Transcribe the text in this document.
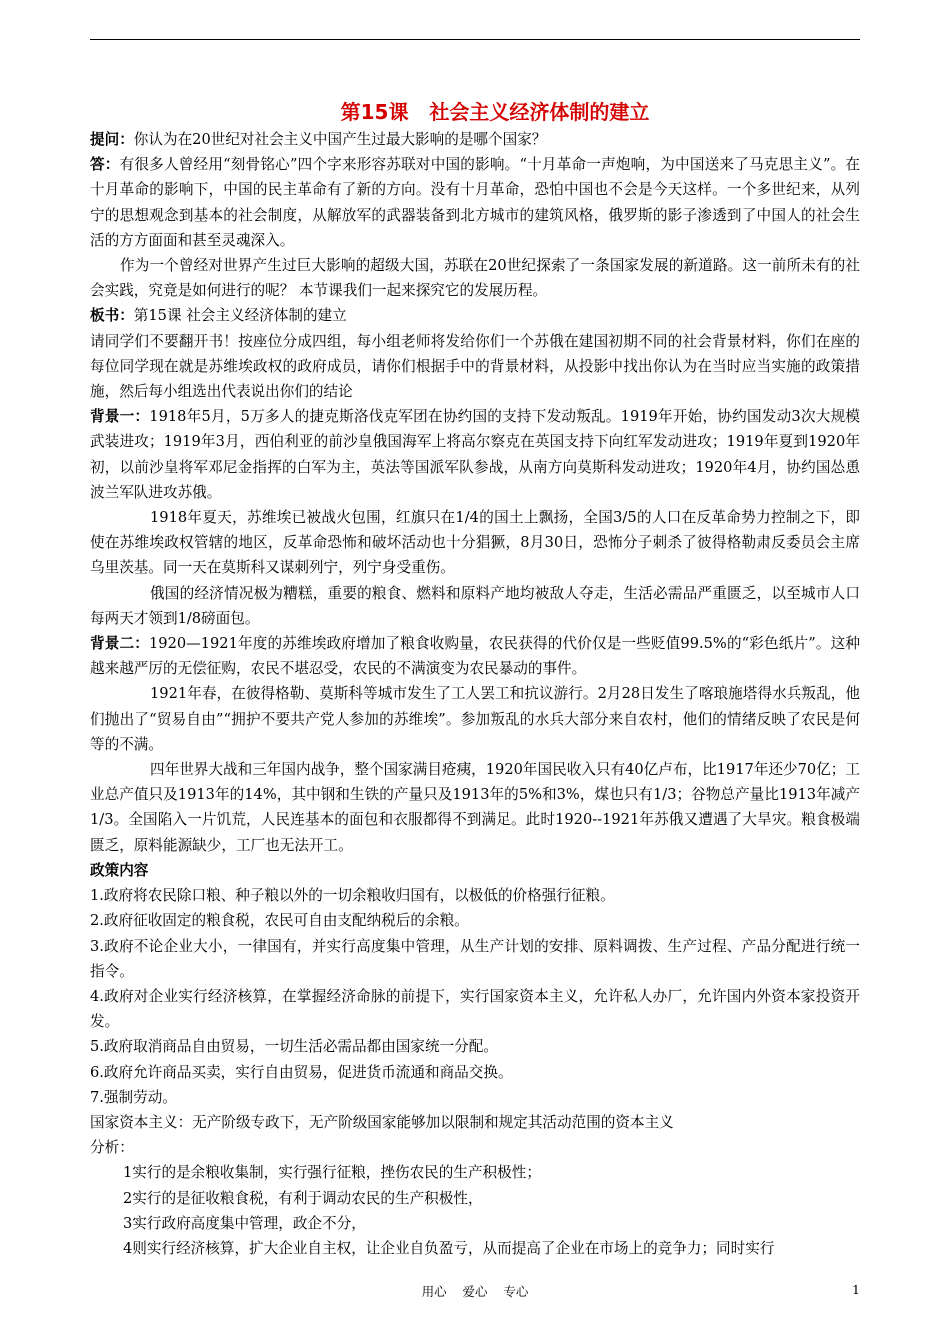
第15课 社会主义经济体制的建立

提问：你认为在20世纪对社会主义中国产生过最大影响的是哪个国家？

答：有很多人曾经用“刻骨铭心”四个字来形容苏联对中国的影响。“十月革命一声炮响，为中国送来了马克思主义”。在十月革命的影响下，中国的民主革命有了新的方向。没有十月革命，恐怕中国也不会是今天这样。一个多世纪来，从列宁的思想观念到基本的社会制度，从解放军的武器装备到北方城市的建筑风格，俄罗斯的影子渗透到了中国人的社会生活的方方面面和甚至灵魂深入。

作为一个曾经对世界产生过巨大影响的超级大国，苏联在20世纪探索了一条国家发展的新道路。这一前所未有的社会实践，究竟是如何进行的呢？ 本节课我们一起来探究它的发展历程。

板书：第15课 社会主义经济体制的建立

请同学们不要翻开书！按座位分成四组，每小组老师将发给你们一个苏俄在建国初期不同的社会背景材料，你们在座的每位同学现在就是苏维埃政权的政府成员，请你们根据手中的背景材料，从投影中找出你认为在当时应当实施的政策措施，然后每小组选出代表说出你们的结论

背景一：1918年5月，5万多人的捷克斯洛伐克军团在协约国的支持下发动叛乱。1919年开始，协约国发动3次大规模武装进攻；1919年3月，西伯利亚的前沙皇俄国海军上将高尔察克在英国支持下向红军发动进攻；1919年夏到1920年初，以前沙皇将军邓尼金指挥的白军为主，英法等国派军队参战，从南方向莫斯科发动进攻；1920年4月，协约国怂恿波兰军队进攻苏俄。

1918年夏天，苏维埃已被战火包围，红旗只在1/4的国土上飘扬，全国3/5的人口在反革命势力控制之下，即使在苏维埃政权管辖的地区，反革命恐怖和破坏活动也十分猖獗，8月30日，恐怖分子刺杀了彼得格勒肃反委员会主席乌里茨基。同一天在莫斯科又谋刺列宁，列宁身受重伤。

俄国的经济情况极为糟糕，重要的粮食、燃料和原料产地均被敌人夺走，生活必需品严重匮乏，以至城市人口每两天才领到1/8磅面包。

背景二：1920—1921年度的苏维埃政府增加了粮食收购量，农民获得的代价仅是一些贬值99.5%的“彩色纸片”。这种越来越严厉的无偿征购，农民不堪忍受，农民的不满演变为农民暴动的事件。

1921年春，在彼得格勒、莫斯科等城市发生了工人罢工和抗议游行。2月28日发生了喀琅施塔得水兵叛乱，他们抛出了“贸易自由”“拥护不要共产党人参加的苏维埃”。参加叛乱的水兵大部分来自农村，他们的情绪反映了农民是何等的不满。

四年世界大战和三年国内战争，整个国家满目疮痍，1920年国民收入只有40亿卢布，比1917年还少70亿；工业总产值只及1913年的14%，其中钢和生铁的产量只及1913年的5%和3%，煤也只有1/3；谷物总产量比1913年减产1/3。全国陷入一片饥荒，人民连基本的面包和衣服都得不到满足。此时1920--1921年苏俄又遭遇了大旱灾。粮食极端匮乏，原料能源缺少，工厂也无法开工。

政策内容

1.政府将农民除口粮、种子粮以外的一切余粮收归国有，以极低的价格强行征粮。

2.政府征收固定的粮食税，农民可自由支配纳税后的余粮。

3.政府不论企业大小，一律国有，并实行高度集中管理，从生产计划的安排、原料调拨、生产过程、产品分配进行统一指令。

4.政府对企业实行经济核算，在掌握经济命脉的前提下，实行国家资本主义，允许私人办厂，允许国内外资本家投资开发。

5.政府取消商品自由贸易，一切生活必需品都由国家统一分配。

6.政府允许商品买卖，实行自由贸易，促进货币流通和商品交换。

7.强制劳动。

国家资本主义：无产阶级专政下，无产阶级国家能够加以限制和规定其活动范围的资本主义

分析：

1实行的是余粮收集制，实行强行征粮，挫伤农民的生产积极性；

2实行的是征收粮食税，有利于调动农民的生产积极性，

3实行政府高度集中管理，政企不分，

4则实行经济核算，扩大企业自主权，让企业自负盈亏，从而提高了企业在市场上的竞争力；同时实行

用心    爱心    专心	1
